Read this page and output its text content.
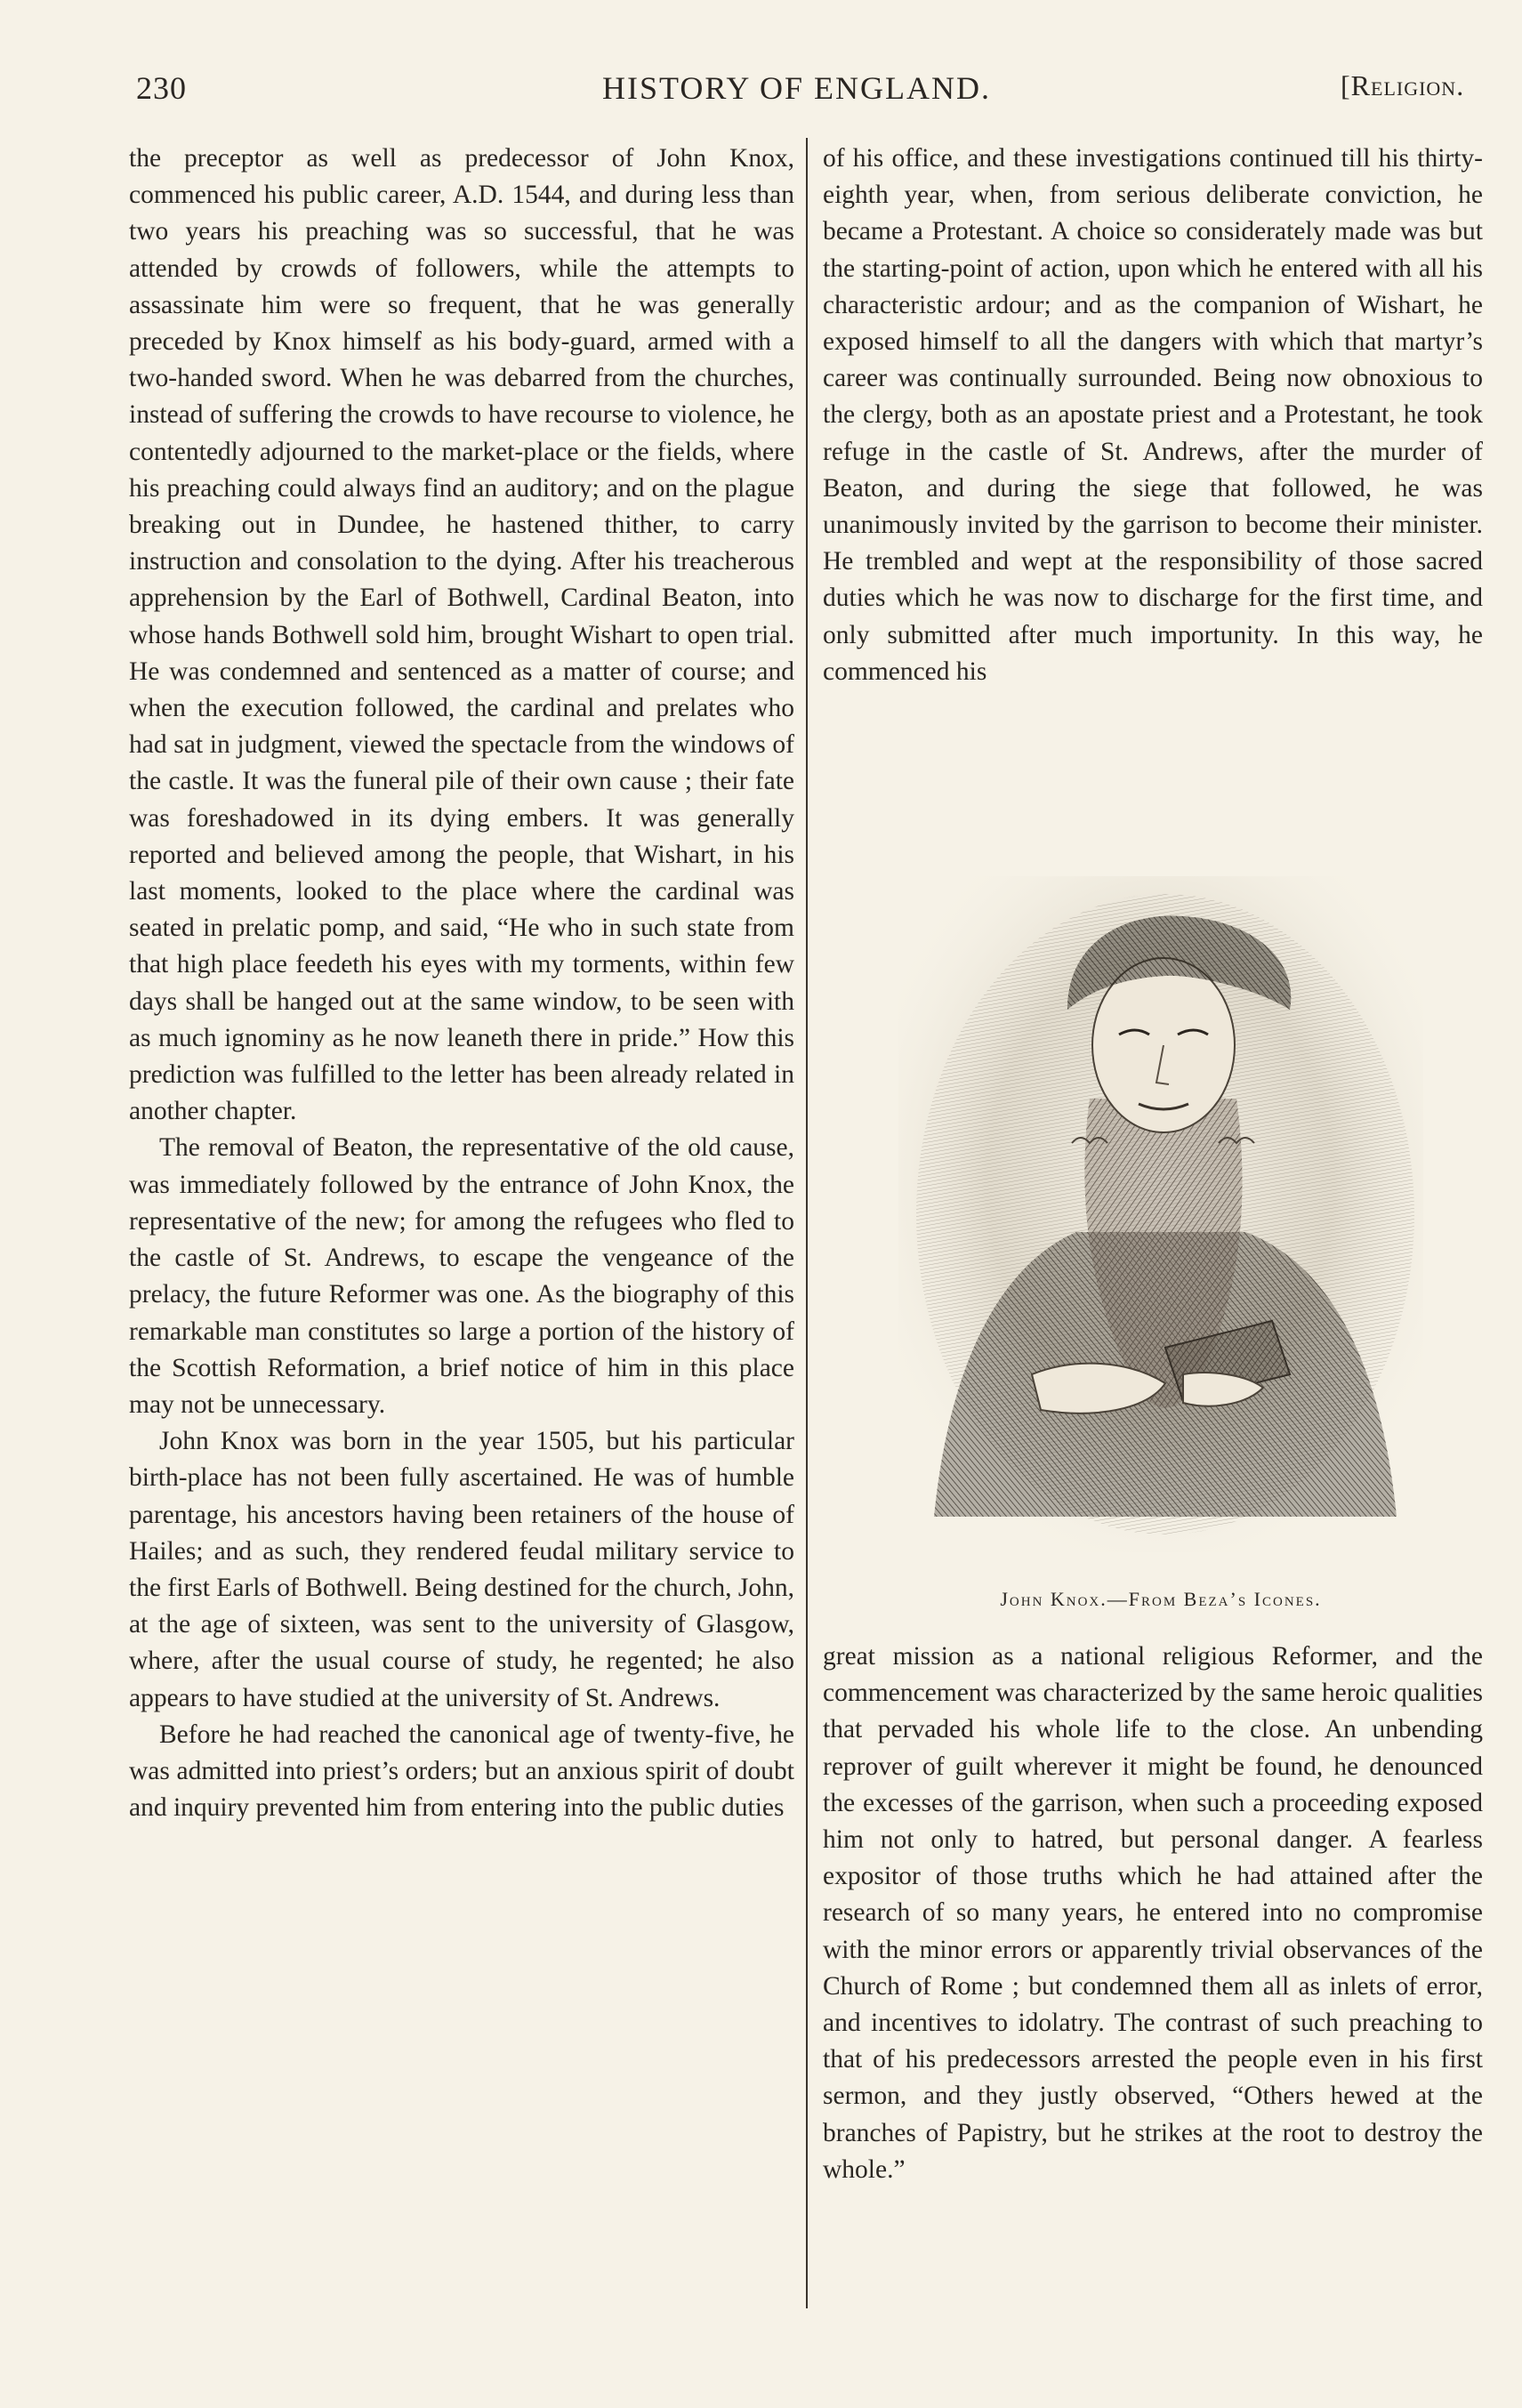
230	HISTORY OF ENGLAND.	[Religion.

the preceptor as well as predecessor of John Knox, commenced his public career, A.D. 1544, and during less than two years his preaching was so successful, that he was attended by crowds of followers, while the attempts to assassinate him were so frequent, that he was generally preceded by Knox himself as his body-guard, armed with a two-handed sword. When he was debarred from the churches, instead of suffering the crowds to have recourse to violence, he contentedly adjourned to the market-place or the fields, where his preaching could always find an auditory; and on the plague breaking out in Dundee, he hastened thither, to carry instruction and consolation to the dying. After his treacherous apprehension by the Earl of Bothwell, Cardinal Beaton, into whose hands Bothwell sold him, brought Wishart to open trial. He was condemned and sentenced as a matter of course; and when the execution followed, the cardinal and prelates who had sat in judgment, viewed the spectacle from the windows of the castle. It was the funeral pile of their own cause ; their fate was foreshadowed in its dying embers. It was generally reported and believed among the people, that Wishart, in his last moments, looked to the place where the cardinal was seated in prelatic pomp, and said, “He who in such state from that high place feedeth his eyes with my torments, within few days shall be hanged out at the same window, to be seen with as much ignominy as he now leaneth there in pride.” How this prediction was fulfilled to the letter has been already related in another chapter.

The removal of Beaton, the representative of the old cause, was immediately followed by the entrance of John Knox, the representative of the new; for among the refugees who fled to the castle of St. Andrews, to escape the vengeance of the prelacy, the future Reformer was one. As the biography of this remarkable man constitutes so large a portion of the history of the Scottish Reformation, a brief notice of him in this place may not be unnecessary.

John Knox was born in the year 1505, but his particular birth-place has not been fully ascertained. He was of humble parentage, his ancestors having been retainers of the house of Hailes; and as such, they rendered feudal military service to the first Earls of Bothwell. Being destined for the church, John, at the age of sixteen, was sent to the university of Glasgow, where, after the usual course of study, he regented; he also appears to have studied at the university of St. Andrews.

Before he had reached the canonical age of twenty-five, he was admitted into priest’s orders; but an anxious spirit of doubt and inquiry prevented him from entering into the public duties

of his office, and these investigations continued till his thirty-eighth year, when, from serious deliberate conviction, he became a Protestant. A choice so considerately made was but the starting-point of action, upon which he entered with all his characteristic ardour; and as the companion of Wishart, he exposed himself to all the dangers with which that martyr’s career was continually surrounded. Being now obnoxious to the clergy, both as an apostate priest and a Protestant, he took refuge in the castle of St. Andrews, after the murder of Beaton, and during the siege that followed, he was unanimously invited by the garrison to become their minister. He trembled and wept at the responsibility of those sacred duties which he was now to discharge for the first time, and only submitted after much importunity. In this way, he commenced his

John Knox.—From Beza’s Icones.

great mission as a national religious Reformer, and the commencement was characterized by the same heroic qualities that pervaded his whole life to the close. An unbending reprover of guilt wherever it might be found, he denounced the excesses of the garrison, when such a proceeding exposed him not only to hatred, but personal danger. A fearless expositor of those truths which he had attained after the research of so many years, he entered into no compromise with the minor errors or apparently trivial observances of the Church of Rome ; but condemned them all as inlets of error, and incentives to idolatry. The contrast of such preaching to that of his predecessors arrested the people even in his first sermon, and they justly observed, “Others hewed at the branches of Papistry, but he strikes at the root to destroy the whole.”
